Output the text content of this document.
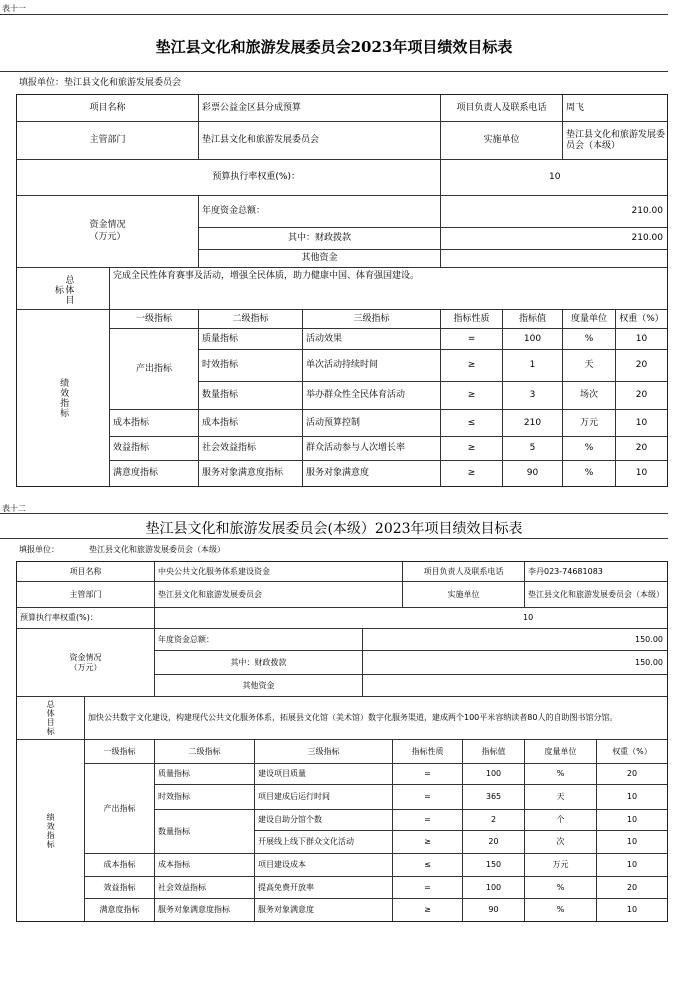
表十一
垫江县文化和旅游发展委员会2023年项目绩效目标表
填报单位：垫江县文化和旅游发展委员会
项目名称	彩票公益金区县分成预算	项目负责人及联系电话	周飞
主管部门	垫江县文化和旅游发展委员会	实施单位
垫江县文化和旅游发展委员会（本级）
预算执行率权重(%)：	10
资金情况
（万元）
年度资金总额：	210.00
其中：财政拨款	210.00
其他资金
总体目标
完成全民性体育赛事及活动，增强全民体质，助力健康中国、体育强国建设。
绩效指标
一级指标	二级指标	三级指标	指标性质	指标值	度量单位	权重（%）
产出指标
质量指标	活动效果	=	100	%	10
时效指标	单次活动持续时间	≥	1	天	20
数量指标	举办群众性全民体育活动	≥	3	场次	20
成本指标	成本指标	活动预算控制	≤	210	万元	10
效益指标	社会效益指标	群众活动参与人次增长率	≥	5	%	20
满意度指标	服务对象满意度指标	服务对象满意度	≥	90	%	10
表十二
垫江县文化和旅游发展委员会(本级）2023年项目绩效目标表
填报单位：	垫江县文化和旅游发展委员会（本级）
项目名称	中央公共文化服务体系建设资金	项目负责人及联系电话	李丹023-74681083
主管部门	垫江县文化和旅游发展委员会	实施单位	垫江县文化和旅游发展委员会（本级）
预算执行率权重(%)：	10
资金情况
（万元）
年度资金总额：	150.00
其中：财政拨款	150.00
其他资金
总体目标	加快公共数字文化建设，构建现代公共文化服务体系，拓展县文化馆（美术馆）数字化服务渠道，建成两个100平米容纳读者80人的自助图书馆分馆。
绩效指标
一级指标	二级指标	三级指标	指标性质	指标值	度量单位	权重（%）
产出指标
质量指标	建设项目质量	=	100	%	20
时效指标	项目建成后运行时间	=	365	天	10
数量指标
建设自助分馆个数	=	2	个	10
开展线上线下群众文化活动	≥	20	次	10
成本指标	成本指标	项目建设成本	≤	150	万元	10
效益指标	社会效益指标	提高免费开放率	=	100	%	20
满意度指标	服务对象满意度指标	服务对象满意度	≥	90	%	10
